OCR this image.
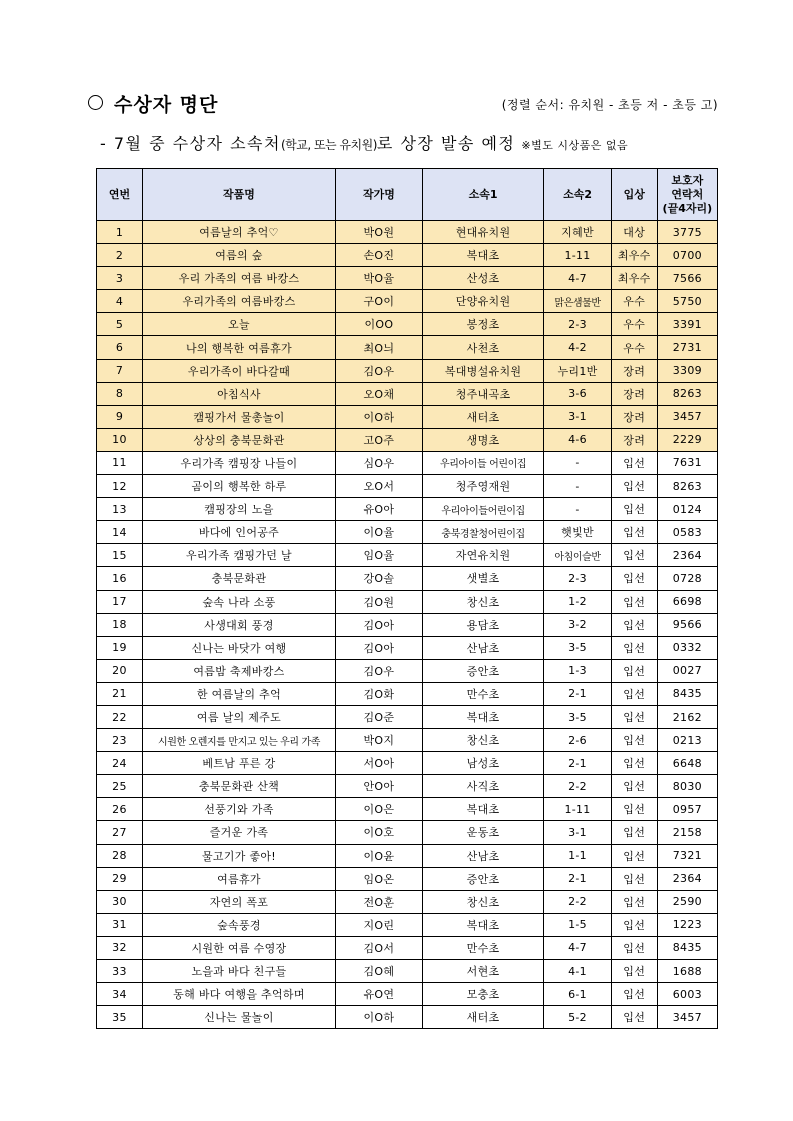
수상자 명단	(정렬 순서: 유치원 - 초등 저 - 초등 고)
- 7월 중 수상자 소속처(학교, 또는 유치원)로 상장 발송 예정 ※별도 시상품은 없음
연번	작품명	작가명	소속1	소속2	입상	보호자
연락처
(끝4자리)
1	여름날의 추억♡	박O원	현대유치원	지혜반	대상	3775
2	여름의 숲	손O진	복대초	1-11	최우수	0700
3	우리 가족의 여름 바캉스	박O율	산성초	4-7	최우수	7566
4	우리가족의 여름바캉스	구O이	단양유치원	맑은샘물반	우수	5750
5	오늘	이OO	봉정초	2-3	우수	3391
6	나의 행복한 여름휴가	최O늬	사천초	4-2	우수	2731
7	우리가족이 바다갈때	김O우	복대병설유치원	누리1반	장려	3309
8	아침식사	오O채	청주내곡초	3-6	장려	8263
9	캠핑가서 물총놀이	이O하	새터초	3-1	장려	3457
10	상상의 충북문화관	고O주	생명초	4-6	장려	2229
11	우리가족 캠핑장 나들이	심O우	우리아이들 어린이집	-	입선	7631
12	곰이의 행복한 하루	오O서	청주영재원	-	입선	8263
13	캠핑장의 노을	유O아	우리아이들어린이집	-	입선	0124
14	바다에 인어공주	이O율	충북경찰청어린이집	햇빛반	입선	0583
15	우리가족 캠핑가던 날	임O율	자연유치원	아침이슬반	입선	2364
16	충북문화관	강O솔	샛별초	2-3	입선	0728
17	숲속 나라 소풍	김O원	창신초	1-2	입선	6698
18	사생대회 풍경	김O아	용담초	3-2	입선	9566
19	신나는 바닷가 여행	김O아	산남초	3-5	입선	0332
20	여름밤 축제바캉스	김O우	증안초	1-3	입선	0027
21	한 여름날의 추억	김O화	만수초	2-1	입선	8435
22	여름 날의 제주도	김O준	복대초	3-5	입선	2162
23	시원한 오렌지를 만지고 있는 우리 가족	박O지	창신초	2-6	입선	0213
24	베트남 푸른 강	서O아	남성초	2-1	입선	6648
25	충북문화관 산책	안O아	사직초	2-2	입선	8030
26	선풍기와 가족	이O은	복대초	1-11	입선	0957
27	즐거운 가족	이O호	운동초	3-1	입선	2158
28	물고기가 좋아!	이O윤	산남초	1-1	입선	7321
29	여름휴가	임O온	증안초	2-1	입선	2364
30	자연의 폭포	전O훈	창신초	2-2	입선	2590
31	숲속풍경	지O린	복대초	1-5	입선	1223
32	시원한 여름 수영장	김O서	만수초	4-7	입선	8435
33	노을과 바다 친구들	김O혜	서현초	4-1	입선	1688
34	동해 바다 여행을 추억하며	유O연	모충초	6-1	입선	6003
35	신나는 물놀이	이O하	새터초	5-2	입선	3457
